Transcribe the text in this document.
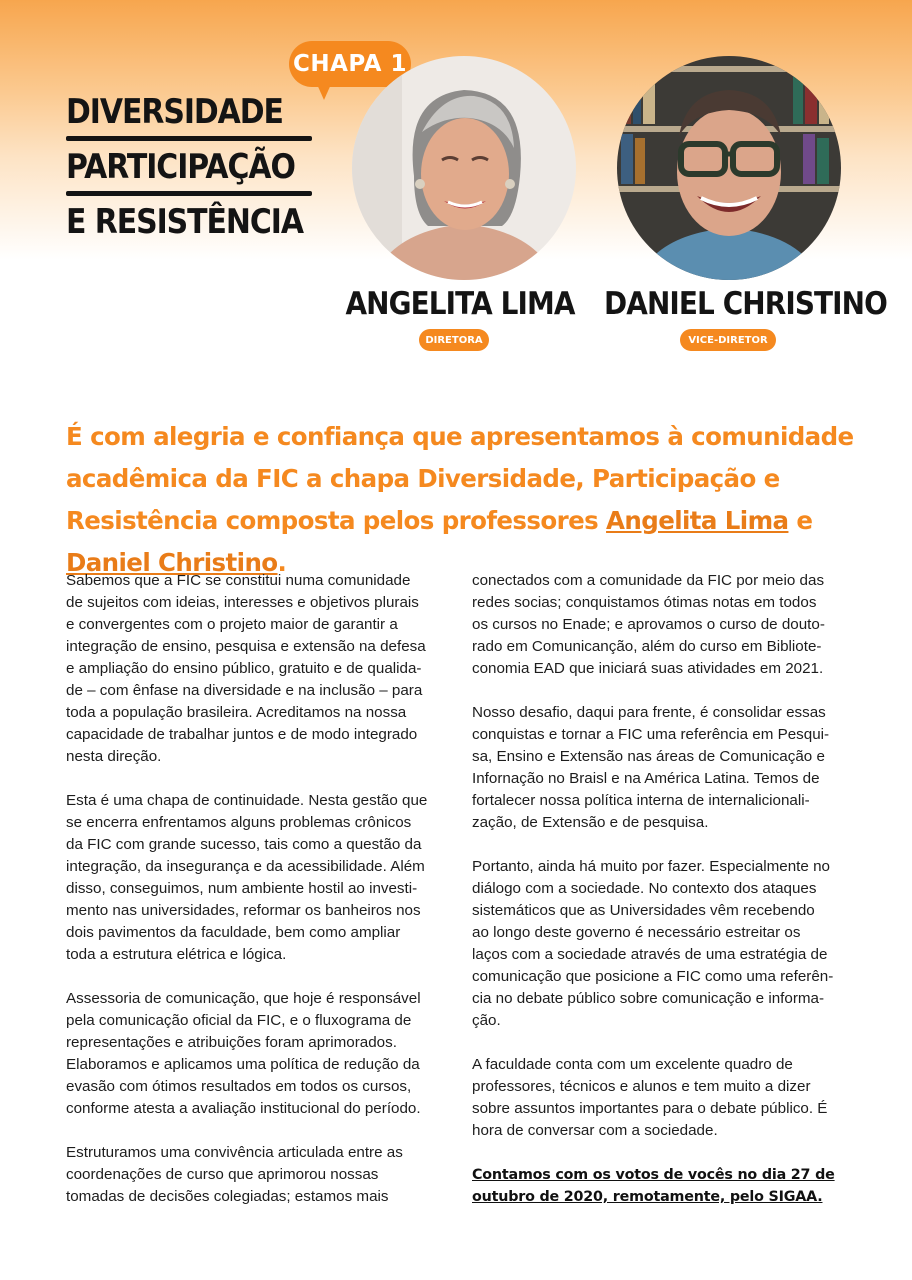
CHAPA 1
DIVERSIDADE
PARTICIPAÇÃO
E RESISTÊNCIA
ANGELITA LIMA
DIRETORA
DANIEL CHRISTINO
VICE-DIRETOR
É com alegria e confiança que apresentamos à comunidade acadêmica da FIC a chapa Diversidade, Participação e Resistência composta pelos professores Angelita Lima e Daniel Christino.

Sabemos que a FIC se constitui numa comunidade
de sujeitos com ideias, interesses e objetivos plurais
e convergentes com o projeto maior de garantir a
integração de ensino, pesquisa e extensão na defesa
e ampliação do ensino público, gratuito e de qualida-
de – com ênfase na diversidade e na inclusão – para
toda a população brasileira. Acreditamos na nossa
capacidade de trabalhar juntos e de modo integrado
nesta direção.

Esta é uma chapa de continuidade. Nesta gestão que
se encerra enfrentamos alguns problemas crônicos
da FIC com grande sucesso, tais como a questão da
integração, da insegurança e da acessibilidade. Além
disso, conseguimos, num ambiente hostil ao investi-
mento nas universidades, reformar os banheiros nos
dois pavimentos da faculdade, bem como ampliar
toda a estrutura elétrica e lógica.

Assessoria de comunicação, que hoje é responsável
pela comunicação oficial da FIC, e o fluxograma de
representações e atribuições foram aprimorados.
Elaboramos e aplicamos uma política de redução da
evasão com ótimos resultados em todos os cursos,
conforme atesta a avaliação institucional do período.

Estruturamos uma convivência articulada entre as
coordenações de curso que aprimorou nossas
tomadas de decisões colegiadas; estamos mais

conectados com a comunidade da FIC por meio das
redes socias; conquistamos ótimas notas em todos
os cursos no Enade; e aprovamos o curso de douto-
rado em Comunicanção, além do curso em Bibliote-
conomia EAD que iniciará suas atividades em 2021.

Nosso desafio, daqui para frente, é consolidar essas
conquistas e tornar a FIC uma referência em Pesqui-
sa, Ensino e Extensão nas áreas de Comunicação e
Infornação no Braisl e na América Latina. Temos de
fortalecer nossa política interna de internalicionali-
zação, de Extensão e de pesquisa.

Portanto, ainda há muito por fazer. Especialmente no
diálogo com a sociedade. No contexto dos ataques
sistemáticos que as Universidades vêm recebendo
ao longo deste governo é necessário estreitar os
laços com a sociedade através de uma estratégia de
comunicação que posicione a FIC como uma referên-
cia no debate público sobre comunicação e informa-
ção.

A faculdade conta com um excelente quadro de
professores, técnicos e alunos e tem muito a dizer
sobre assuntos importantes para o debate público. É
hora de conversar com a sociedade.

Contamos com os votos de vocês no dia 27 de
outubro de 2020, remotamente, pelo SIGAA.
